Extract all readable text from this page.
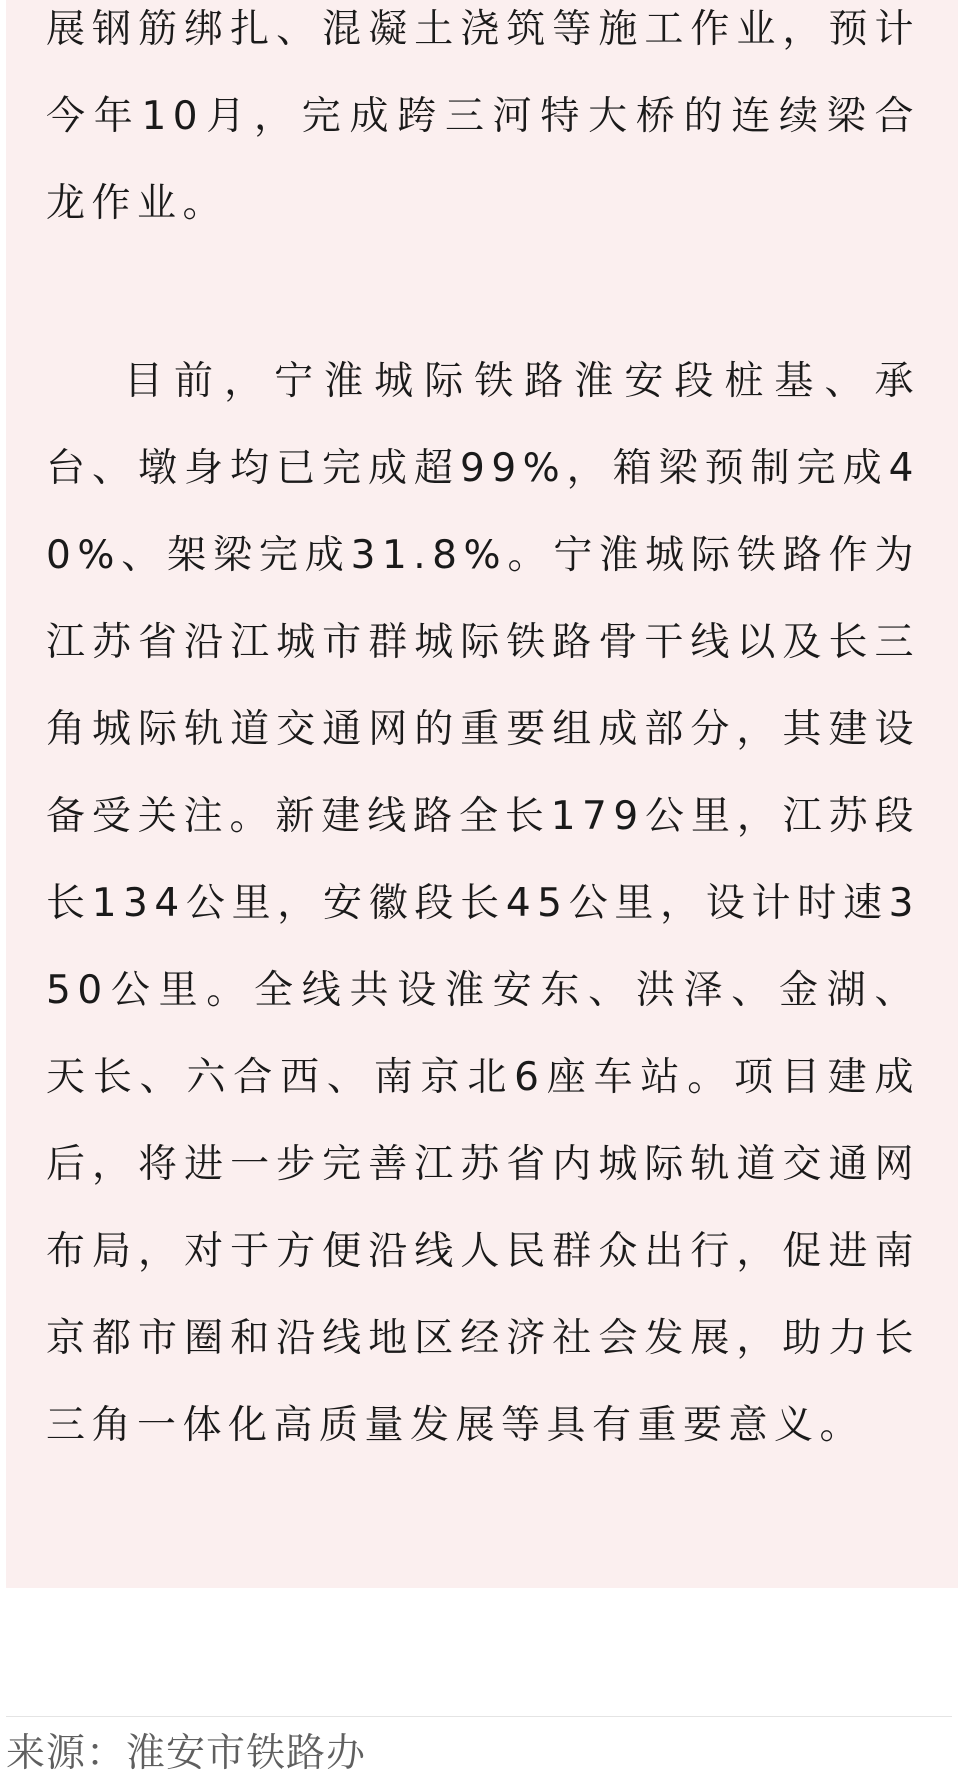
展钢筋绑扎、混凝土浇筑等施工作业，预计今年10月，完成跨三河特大桥的连续梁合龙作业。

目前，宁淮城际铁路淮安段桩基、承台、墩身均已完成超99%，箱梁预制完成40%、架梁完成31.8%。宁淮城际铁路作为江苏省沿江城市群城际铁路骨干线以及长三角城际轨道交通网的重要组成部分，其建设备受关注。新建线路全长179公里，江苏段长134公里，安徽段长45公里，设计时速350公里。全线共设淮安东、洪泽、金湖、天长、六合西、南京北6座车站。项目建成后，将进一步完善江苏省内城际轨道交通网布局，对于方便沿线人民群众出行，促进南京都市圈和沿线地区经济社会发展，助力长三角一体化高质量发展等具有重要意义。

来源：淮安市铁路办
